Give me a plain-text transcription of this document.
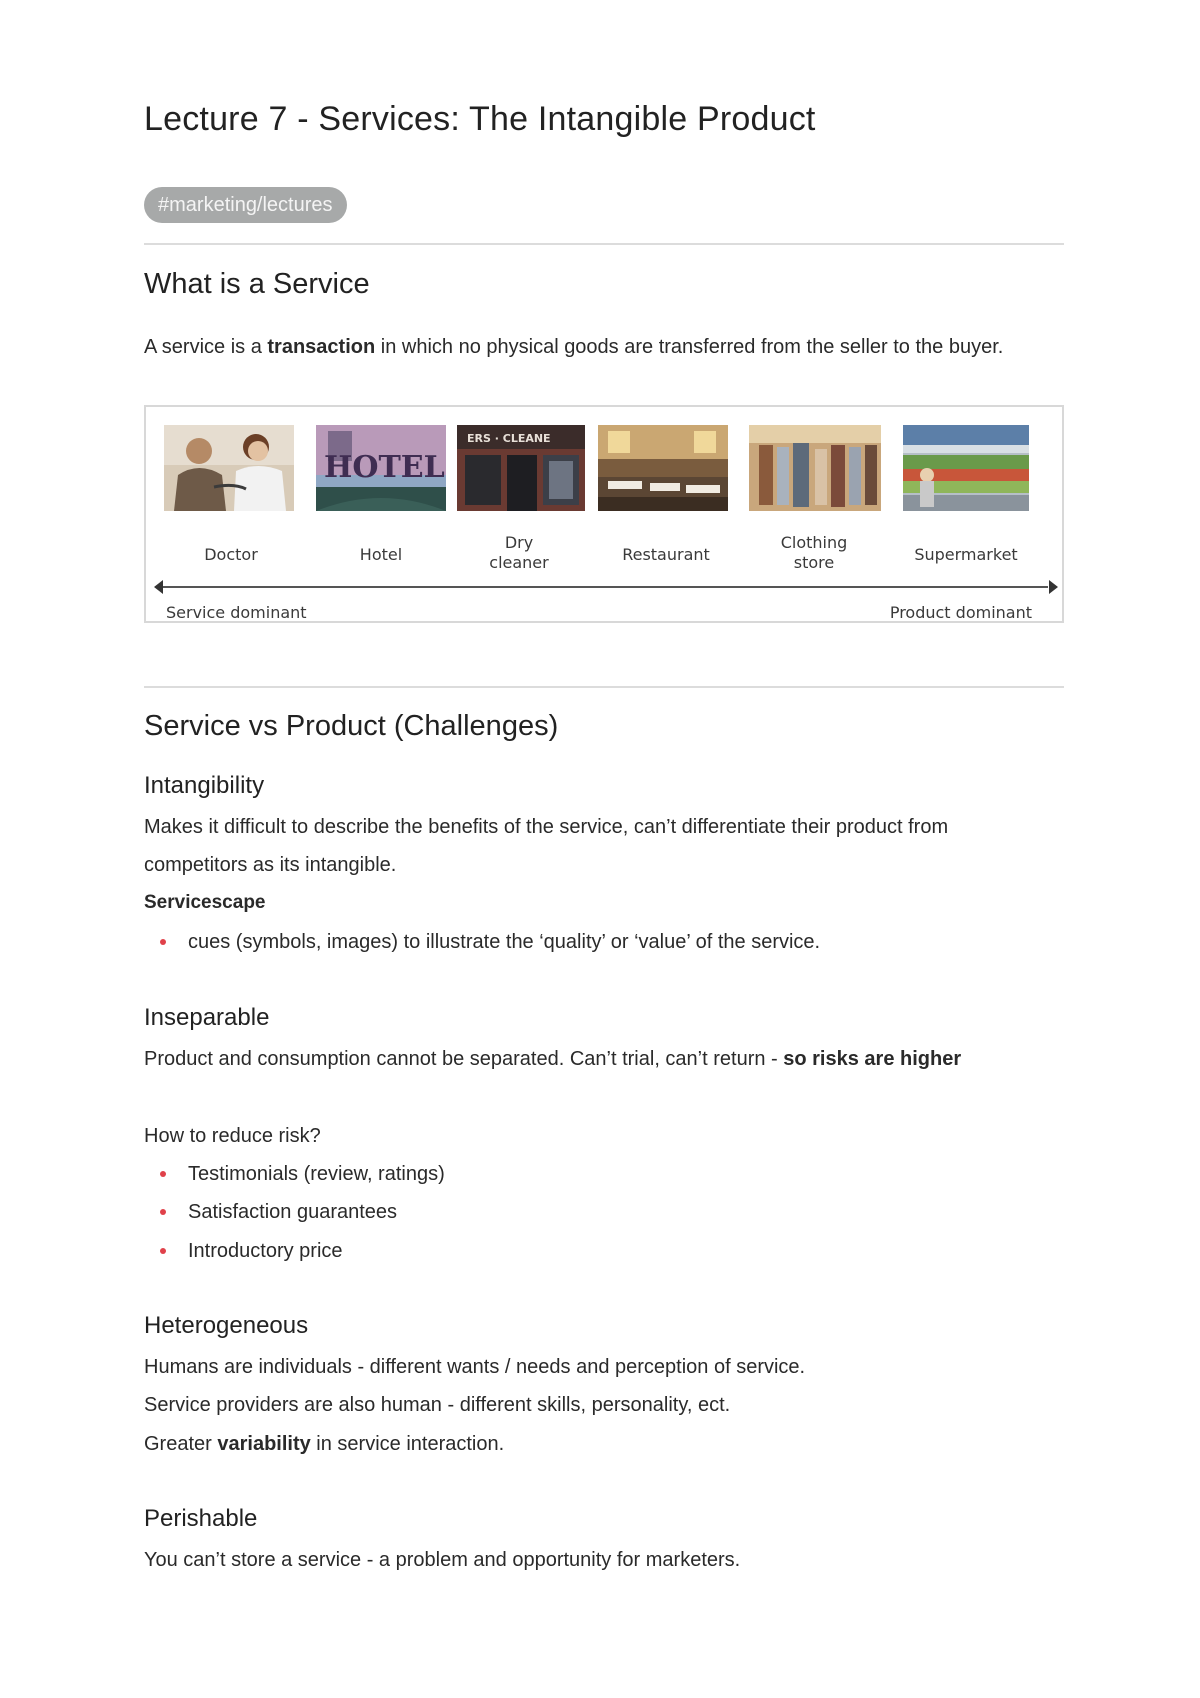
Lecture 7 - Services: The Intangible Product
#marketing/lectures
What is a Service

A service is a transaction in which no physical goods are transferred from the seller to the buyer.

HOTEL
ERS · CLEANE
Doctor	Hotel
Dry
cleaner	Restaurant
Clothing
store	Supermarket
Service dominant	Product dominant
Service vs Product (Challenges)
Intangibility

Makes it difficult to describe the benefits of the service, can’t differentiate their product from competitors as its intangible.

Servicescape
cues (symbols, images) to illustrate the ‘quality’ or ‘value’ of the service.
Inseparable

Product and consumption cannot be separated. Can’t trial, can’t return - so risks are higher

How to reduce risk?
Testimonials (review, ratings)
Satisfaction guarantees
Introductory price
Heterogeneous
Humans are individuals - different wants / needs and perception of service.
Service providers are also human - different skills, personality, ect.
Greater variability in service interaction.
Perishable
You can’t store a service - a problem and opportunity for marketers.
